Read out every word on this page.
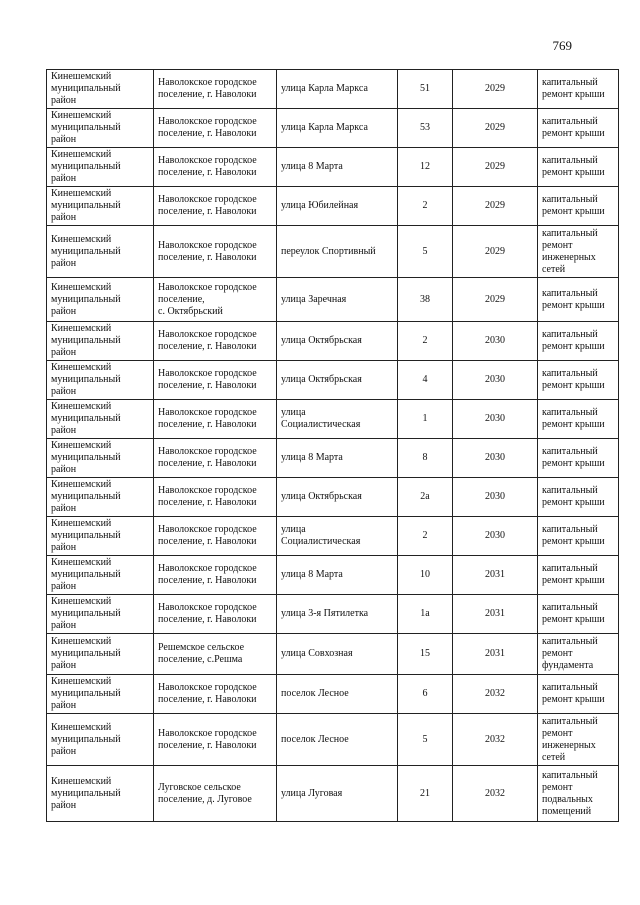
769
Кинешемский
муниципальный
район	Наволокское городское
поселение, г. Наволоки	улица Карла Маркса	51	2029	капитальный
ремонт крыши

Кинешемский
муниципальный
район	Наволокское городское
поселение, г. Наволоки	улица Карла Маркса	53	2029	капитальный
ремонт крыши

Кинешемский
муниципальный
район	Наволокское городское
поселение, г. Наволоки	улица 8 Марта	12	2029	капитальный
ремонт крыши

Кинешемский
муниципальный
район	Наволокское городское
поселение, г. Наволоки	улица Юбилейная	2	2029	капитальный
ремонт крыши

Кинешемский
муниципальный
район	Наволокское городское
поселение, г. Наволоки	переулок Спортивный	5	2029	капитальный
ремонт
инженерных
сетей

Кинешемский
муниципальный
район	Наволокское городское
поселение,
с. Октябрьский	улица Заречная	38	2029	капитальный
ремонт крыши

Кинешемский
муниципальный
район	Наволокское городское
поселение, г. Наволоки	улица Октябрьская	2	2030	капитальный
ремонт крыши

Кинешемский
муниципальный
район	Наволокское городское
поселение, г. Наволоки	улица Октябрьская	4	2030	капитальный
ремонт крыши

Кинешемский
муниципальный
район	Наволокское городское
поселение, г. Наволоки	улица
Социалистическая	1	2030	капитальный
ремонт крыши

Кинешемский
муниципальный
район	Наволокское городское
поселение, г. Наволоки	улица 8 Марта	8	2030	капитальный
ремонт крыши

Кинешемский
муниципальный
район	Наволокское городское
поселение, г. Наволоки	улица Октябрьская	2а	2030	капитальный
ремонт крыши

Кинешемский
муниципальный
район	Наволокское городское
поселение, г. Наволоки	улица
Социалистическая	2	2030	капитальный
ремонт крыши

Кинешемский
муниципальный
район	Наволокское городское
поселение, г. Наволоки	улица 8 Марта	10	2031	капитальный
ремонт крыши

Кинешемский
муниципальный
район	Наволокское городское
поселение, г. Наволоки	улица 3-я Пятилетка	1а	2031	капитальный
ремонт крыши

Кинешемский
муниципальный
район	Решемское сельское
поселение, с.Решма	улица Совхозная	15	2031	капитальный
ремонт
фундамента

Кинешемский
муниципальный
район	Наволокское городское
поселение, г. Наволоки	поселок Лесное	6	2032	капитальный
ремонт крыши

Кинешемский
муниципальный
район	Наволокское городское
поселение, г. Наволоки	поселок Лесное	5	2032	капитальный
ремонт
инженерных
сетей

Кинешемский
муниципальный
район	Луговское сельское
поселение, д. Луговое	улица Луговая	21	2032	капитальный
ремонт
подвальных
помещений
